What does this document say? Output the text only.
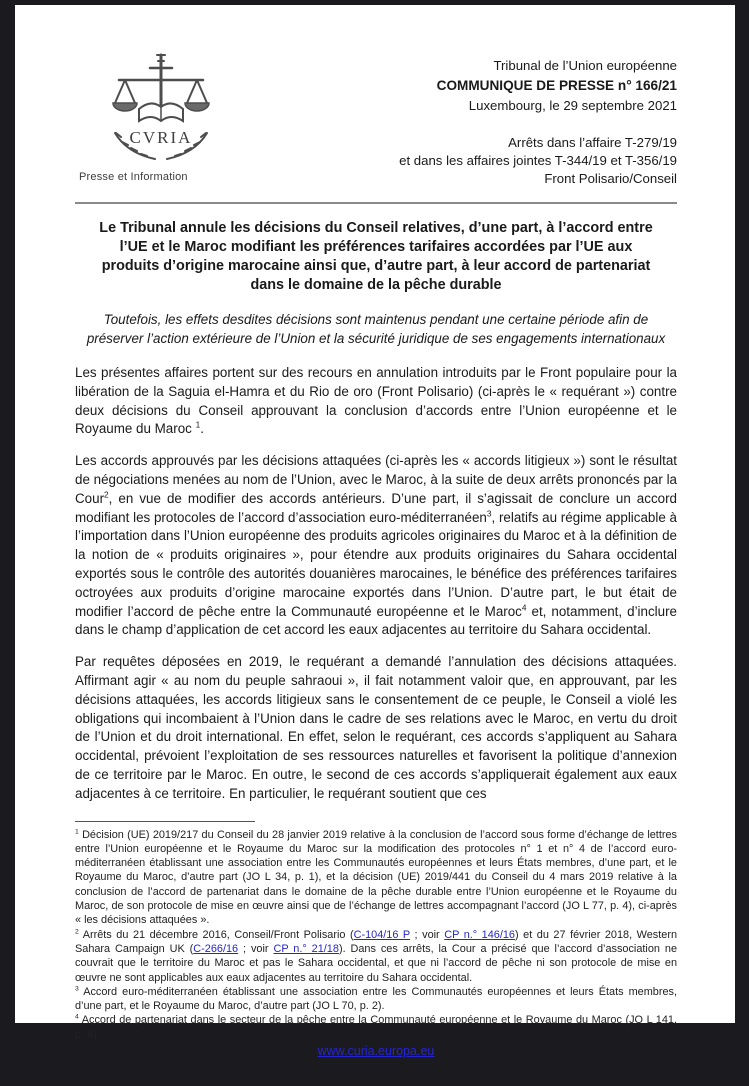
CVRIA
Presse et Information
Tribunal de l’Union européenne
COMMUNIQUE DE PRESSE n° 166/21
Luxembourg, le 29 septembre 2021
Arrêts dans l’affaire T-279/19
et dans les affaires jointes T-344/19 et T-356/19
Front Polisario/Conseil
Le Tribunal annule les décisions du Conseil relatives, d’une part, à l’accord entre l’UE et le Maroc modifiant les préférences tarifaires accordées par l’UE aux produits d’origine marocaine ainsi que, d’autre part, à leur accord de partenariat dans le domaine de la pêche durable
Toutefois, les effets desdites décisions sont maintenus pendant une certaine période afin de préserver l’action extérieure de l’Union et la sécurité juridique de ses engagements internationaux

Les présentes affaires portent sur des recours en annulation introduits par le Front populaire pour la libération de la Saguia el-Hamra et du Rio de oro (Front Polisario) (ci-après le « requérant ») contre deux décisions du Conseil approuvant la conclusion d’accords entre l’Union européenne et le Royaume du Maroc $^1$.

Les accords approuvés par les décisions attaquées (ci-après les « accords litigieux ») sont le résultat de négociations menées au nom de l’Union, avec le Maroc, à la suite de deux arrêts prononcés par la Cour$^2$, en vue de modifier des accords antérieurs. D’une part, il s’agissait de conclure un accord modifiant les protocoles de l’accord d’association euro-méditerranéen$^3$, relatifs au régime applicable à l’importation dans l’Union européenne des produits agricoles originaires du Maroc et à la définition de la notion de « produits originaires », pour étendre aux produits originaires du Sahara occidental exportés sous le contrôle des autorités douanières marocaines, le bénéfice des préférences tarifaires octroyées aux produits d’origine marocaine exportés dans l’Union. D’autre part, le but était de modifier l’accord de pêche entre la Communauté européenne et le Maroc$^4$ et, notamment, d’inclure dans le champ d’application de cet accord les eaux adjacentes au territoire du Sahara occidental.

Par requêtes déposées en 2019, le requérant a demandé l’annulation des décisions attaquées. Affirmant agir « au nom du peuple sahraoui », il fait notamment valoir que, en approuvant, par les décisions attaquées, les accords litigieux sans le consentement de ce peuple, le Conseil a violé les obligations qui incombaient à l’Union dans le cadre de ses relations avec le Maroc, en vertu du droit de l’Union et du droit international. En effet, selon le requérant, ces accords s’appliquent au Sahara occidental, prévoient l’exploitation de ses ressources naturelles et favorisent la politique d’annexion de ce territoire par le Maroc. En outre, le second de ces accords s’appliquerait également aux eaux adjacentes à ce territoire. En particulier, le requérant soutient que ces

$^1$ Décision (UE) 2019/217 du Conseil du 28 janvier 2019 relative à la conclusion de l’accord sous forme d’échange de lettres entre l’Union européenne et le Royaume du Maroc sur la modification des protocoles n° 1 et n° 4 de l’accord euro-méditerranéen établissant une association entre les Communautés européennes et leurs États membres, d’une part, et le Royaume du Maroc, d’autre part (JO L 34, p. 1), et la décision (UE) 2019/441 du Conseil du 4 mars 2019 relative à la conclusion de l’accord de partenariat dans le domaine de la pêche durable entre l’Union européenne et le Royaume du Maroc, de son protocole de mise en œuvre ainsi que de l’échange de lettres accompagnant l’accord (JO L 77, p. 4), ci-après « les décisions attaquées ».
$^2$ Arrêts du 21 décembre 2016, Conseil/Front Polisario (C-104/16 P ; voir CP n.° 146/16) et du 27 février 2018, Western Sahara Campaign UK (C-266/16 ; voir CP n.° 21/18). Dans ces arrêts, la Cour a précisé que l’accord d’association ne couvrait que le territoire du Maroc et pas le Sahara occidental, et que ni l’accord de pêche ni son protocole de mise en œuvre ne sont applicables aux eaux adjacentes au territoire du Sahara occidental.
$^3$ Accord euro-méditerranéen établissant une association entre les Communautés européennes et leurs États membres, d’une part, et le Royaume du Maroc, d’autre part (JO L 70, p. 2).
$^4$ Accord de partenariat dans le secteur de la pêche entre la Communauté européenne et le Royaume du Maroc (JO L 141, p. 4).
www.curia.europa.eu
